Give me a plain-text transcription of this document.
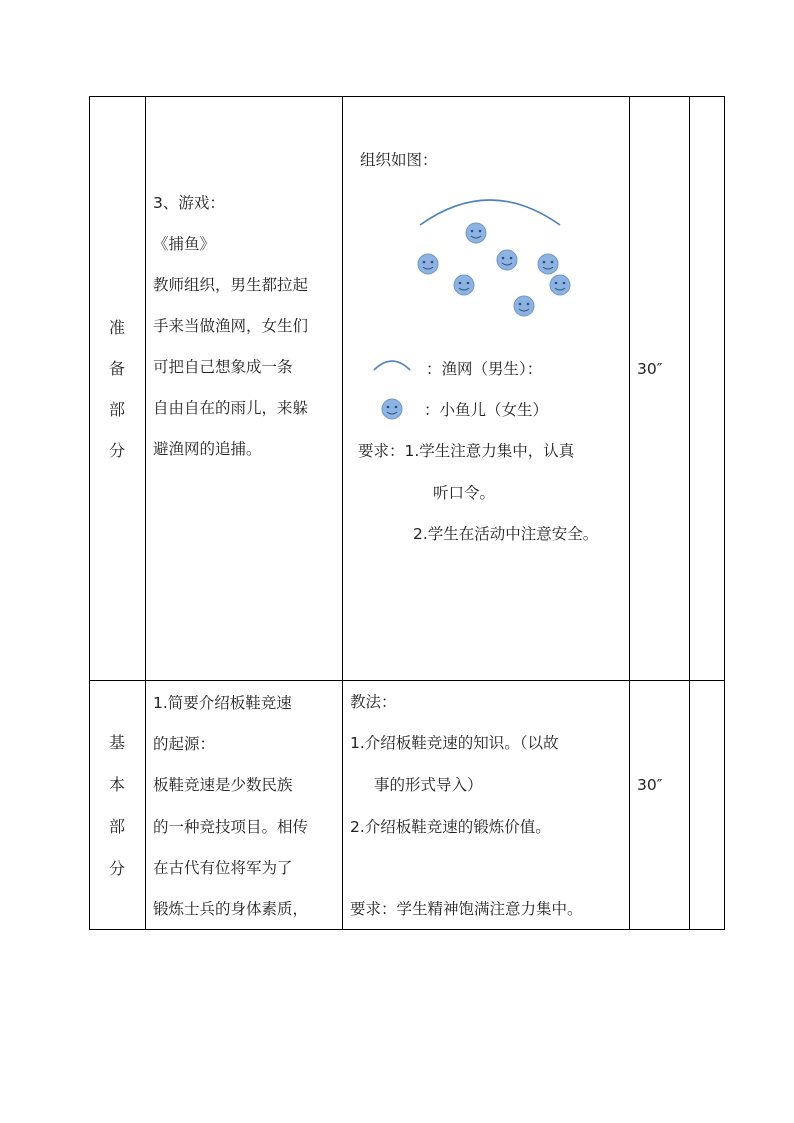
准
备
部
分
3、游戏：
《捕鱼》
教师组织，男生都拉起
手来当做渔网，女生们
可把自己想象成一条
自由自在的雨儿，来躲
避渔网的追捕。
组织如图：
：渔网（男生）：
：小鱼儿（女生）
要求：1.学生注意力集中，认真
听口令。
2.学生在活动中注意安全。
30″
基
本
部
分
1.简要介绍板鞋竞速
的起源：
板鞋竞速是少数民族
的一种竞技项目。相传
在古代有位将军为了
锻炼士兵的身体素质，
教法：
1.介绍板鞋竞速的知识。（以故
事的形式导入）
2.介绍板鞋竞速的锻炼价值。
要求：学生精神饱满注意力集中。
30″
